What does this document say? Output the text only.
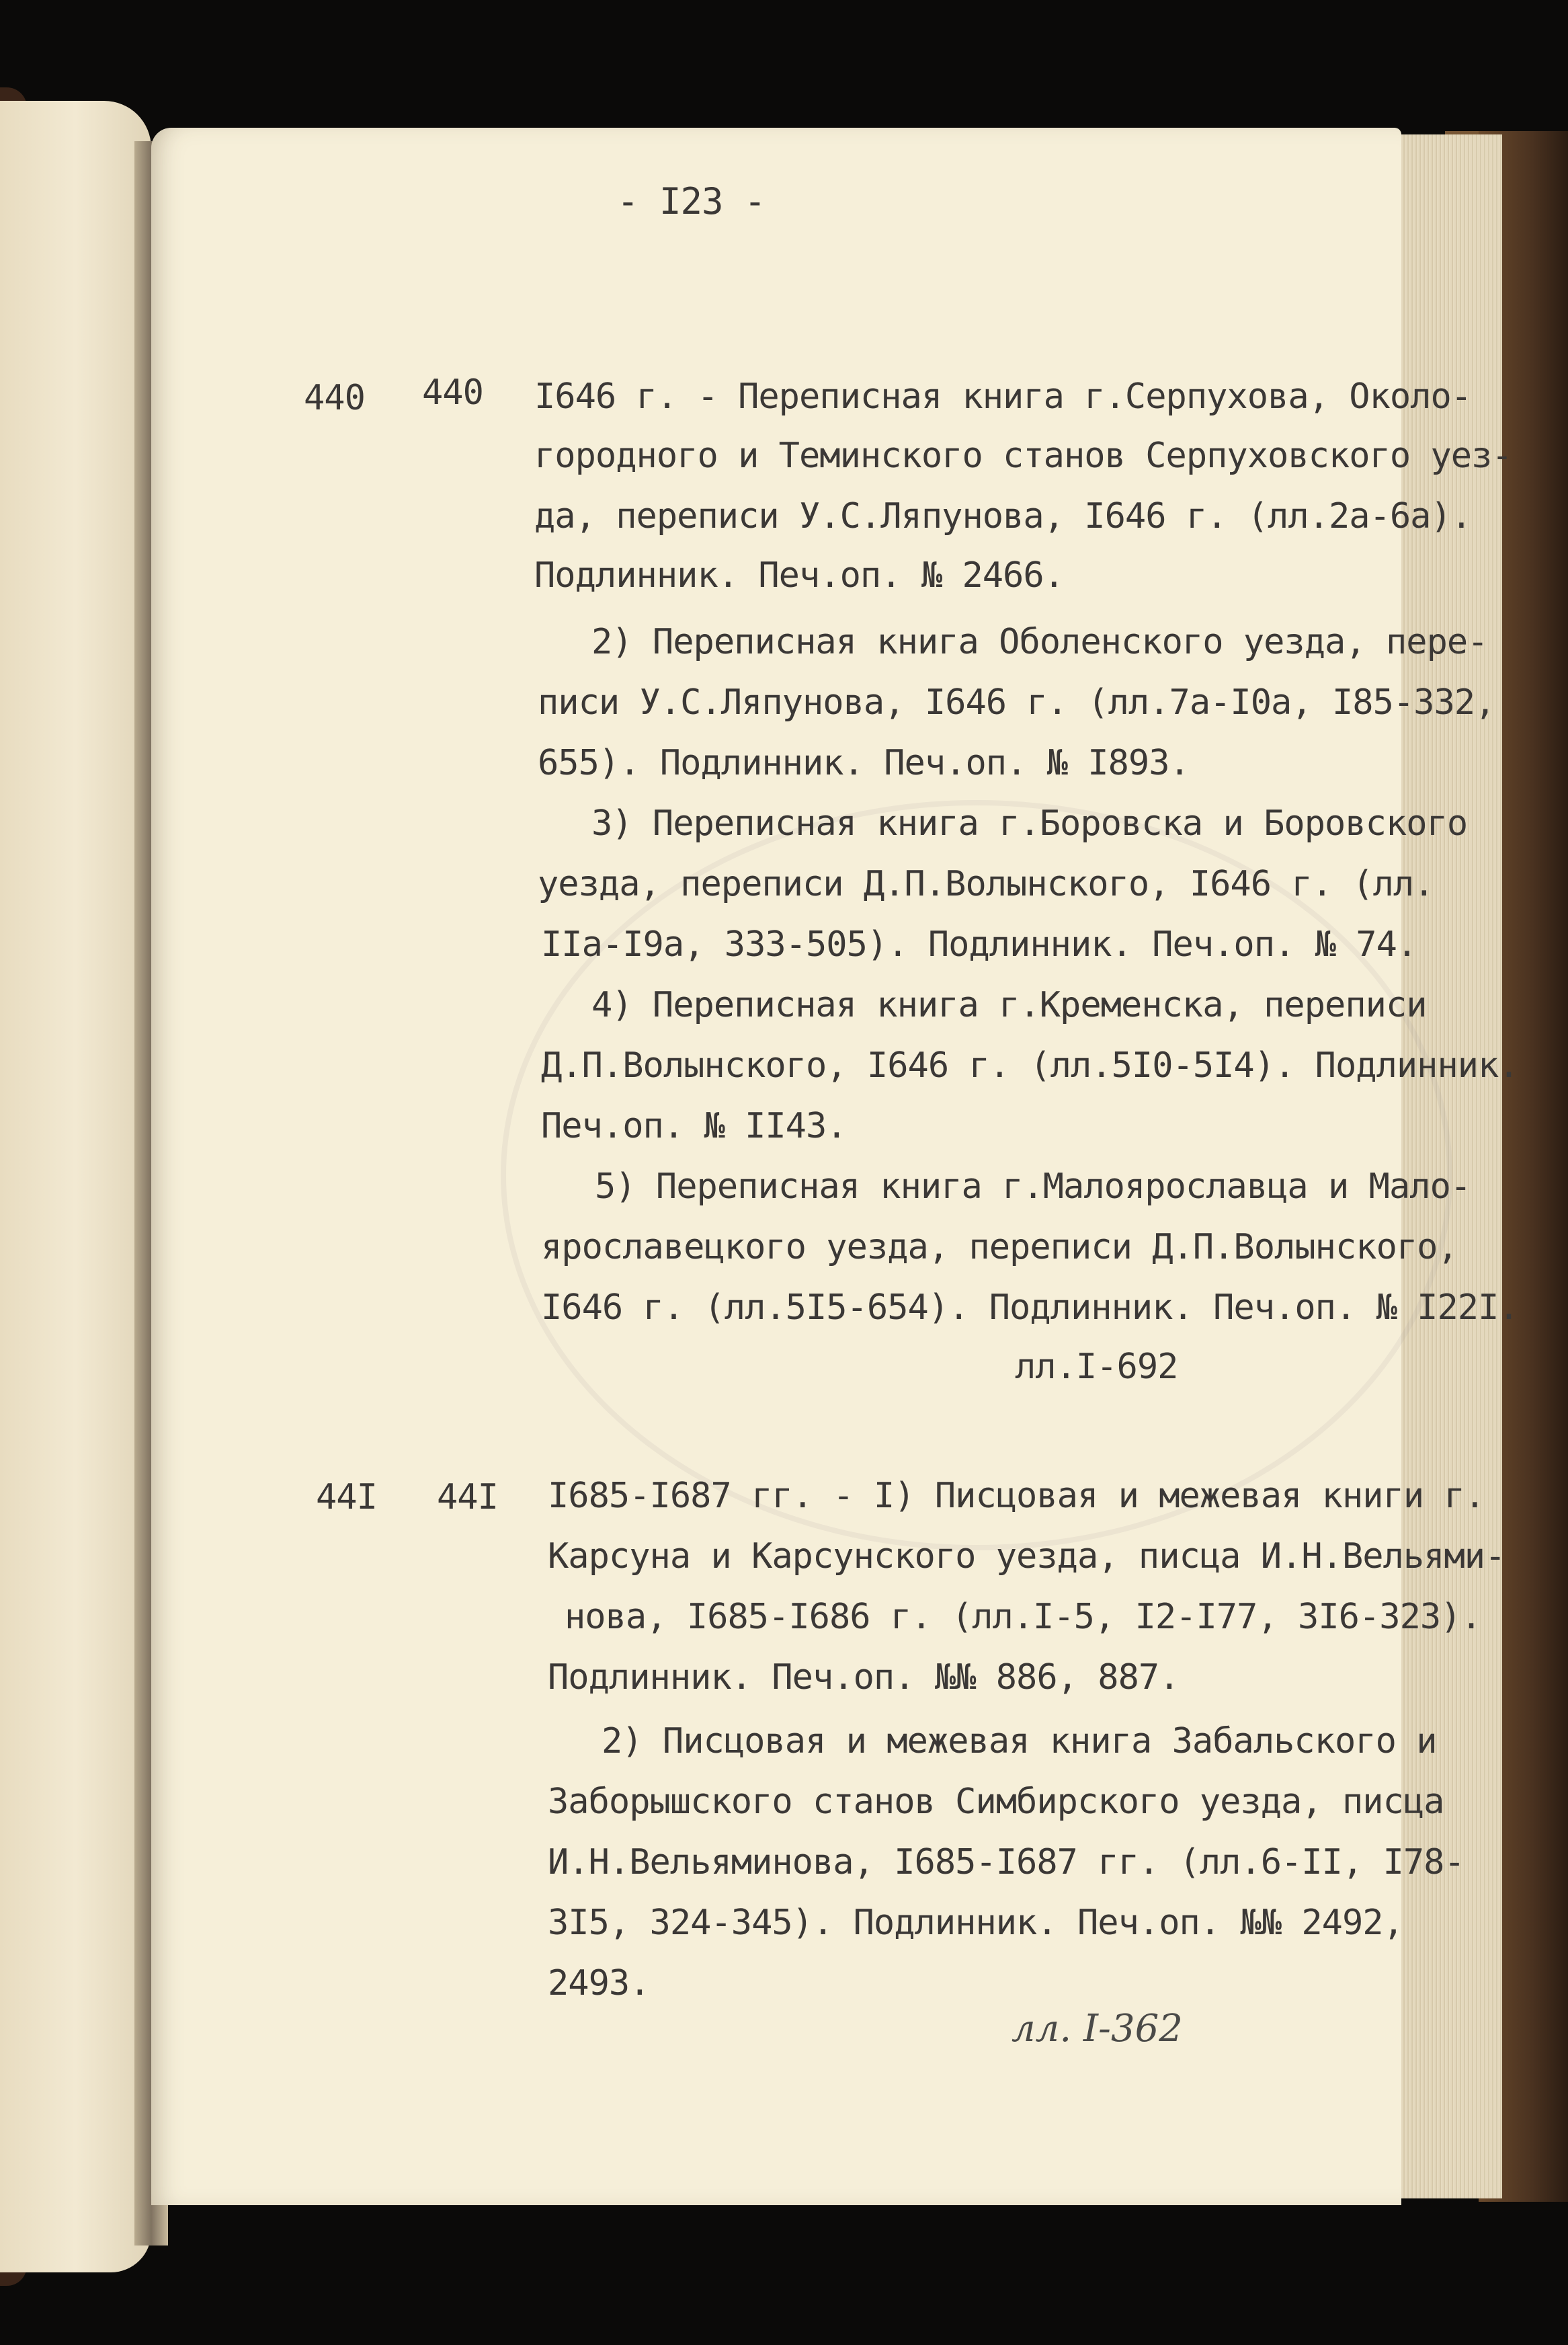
- I23 -
440 440 I646 г. - Переписная книга г.Серпухова, Около-
городного и Теминского станов Серпуховского уез-
да, переписи У.С.Ляпунова, I646 г. (лл.2а-6а).
Подлинник. Печ.оп. № 2466.
2) Переписная книга Оболенского уезда, пере-
писи У.С.Ляпунова, I646 г. (лл.7а-I0а, I85-332,
655). Подлинник. Печ.оп. № I893.
3) Переписная книга г.Боровска и Боровского
уезда, переписи Д.П.Волынского, I646 г. (лл.
IIа-I9а, 333-505). Подлинник. Печ.оп. № 74.
4) Переписная книга г.Кременска, переписи
Д.П.Волынского, I646 г. (лл.5I0-5I4). Подлинник.
Печ.оп. № II43.
5) Переписная книга г.Малоярославца и Мало-
ярославецкого уезда, переписи Д.П.Волынского,
I646 г. (лл.5I5-654). Подлинник. Печ.оп. № I22I.
лл.I-692
44I 44I I685-I687 гг. - I) Писцовая и межевая книги г.
Карсуна и Карсунского уезда, писца И.Н.Вельями-
нова, I685-I686 г. (лл.I-5, I2-I77, 3I6-323).
Подлинник. Печ.оп. №№ 886, 887.
2) Писцовая и межевая книга Забальского и
Заборышского станов Симбирского уезда, писца
И.Н.Вельяминова, I685-I687 гг. (лл.6-II, I78-
3I5, 324-345). Подлинник. Печ.оп. №№ 2492,
2493.
лл. I-362
